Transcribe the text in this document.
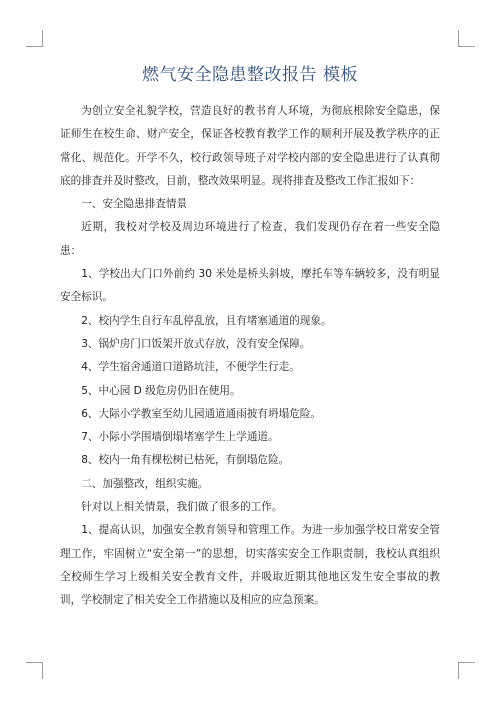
燃气安全隐患整改报告 模板

为创立安全礼貌学校，营造良好的教书育人环境，为彻底根除安全隐患，保证师生在校生命、财产安全，保证各校教育教学工作的顺利开展及教学秩序的正常化、规范化。开学不久，校行政领导班子对学校内部的安全隐患进行了认真彻底的排査并及时整改，目前，整改效果明显。现将排査及整改工作汇报如下：

一、安全隐患排査情景

近期，我校对学校及周边环境进行了检查，我们发现仍存在着一些安全隐患：

1、学校出大门口外前约 30 米处是桥头斜坡，摩托车等车辆较多，没有明显安全标识。

2、校内学生自行车乱停乱放，且有堵塞通道的现象。

3、锅炉房门口饭架开放式存放，没有安全保障。

4、学生宿舍通道口道路坑洼，不便学生行走。

5、中心园 D 级危房仍旧在使用。

6、大际小学教室至幼儿园通道通雨披有坍塌危险。

7、小际小学围墙倒塌堵塞学生上学通道。

8、校内一角有棵松树已枯死，有倒塌危险。

二、加强整改，组织实施。

针对以上相关情景，我们做了很多的工作。

1、提高认识，加强安全教育领导和管理工作。为进一步加强学校日常安全管理工作，牢固树立“安全第一”的思想，切实落实安全工作职责制，我校认真组织全校师生学习上级相关安全教育文件，并吸取近期其他地区发生安全事故的教训，学校制定了相关安全工作措施以及相应的应急预案。
